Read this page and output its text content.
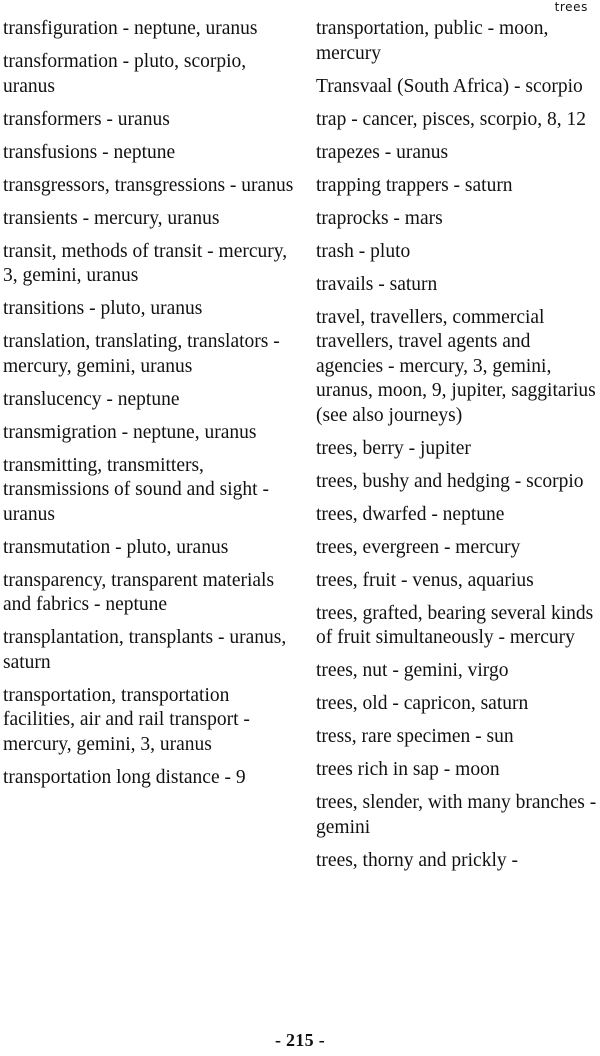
trees

transfiguration - neptune, uranus

transformation - pluto, scorpio, uranus

transformers - uranus

transfusions - neptune

transgressors, transgressions - uranus

transients - mercury, uranus

transit, methods of transit - mercury, 3, gemini, uranus

transitions - pluto, uranus

translation, translating, translators - mercury, gemini, uranus

translucency - neptune

transmigration - neptune, uranus

transmitting, transmitters, transmissions of sound and sight - uranus

transmutation - pluto, uranus

transparency, transparent materials and fabrics - neptune

transplantation, transplants - uranus, saturn

transportation, transportation facilities, air and rail transport - mercury, gemini, 3, uranus

transportation long distance - 9

transportation, public - moon, mercury

Transvaal (South Africa) - scorpio

trap - cancer, pisces, scorpio, 8, 12

trapezes - uranus

trapping trappers - saturn

traprocks - mars

trash - pluto

travails - saturn

travel, travellers, commercial travellers, travel agents and agencies - mercury, 3, gemini, uranus, moon, 9, jupiter, saggitarius (see also journeys)

trees, berry - jupiter

trees, bushy and hedging - scorpio

trees, dwarfed - neptune

trees, evergreen - mercury

trees, fruit - venus, aquarius

trees, grafted, bearing several kinds of fruit simultaneously - mercury

trees, nut - gemini, virgo

trees, old - capricon, saturn

tress, rare specimen - sun

trees rich in sap - moon

trees, slender, with many branches - gemini

trees, thorny and prickly -

- 215 -
